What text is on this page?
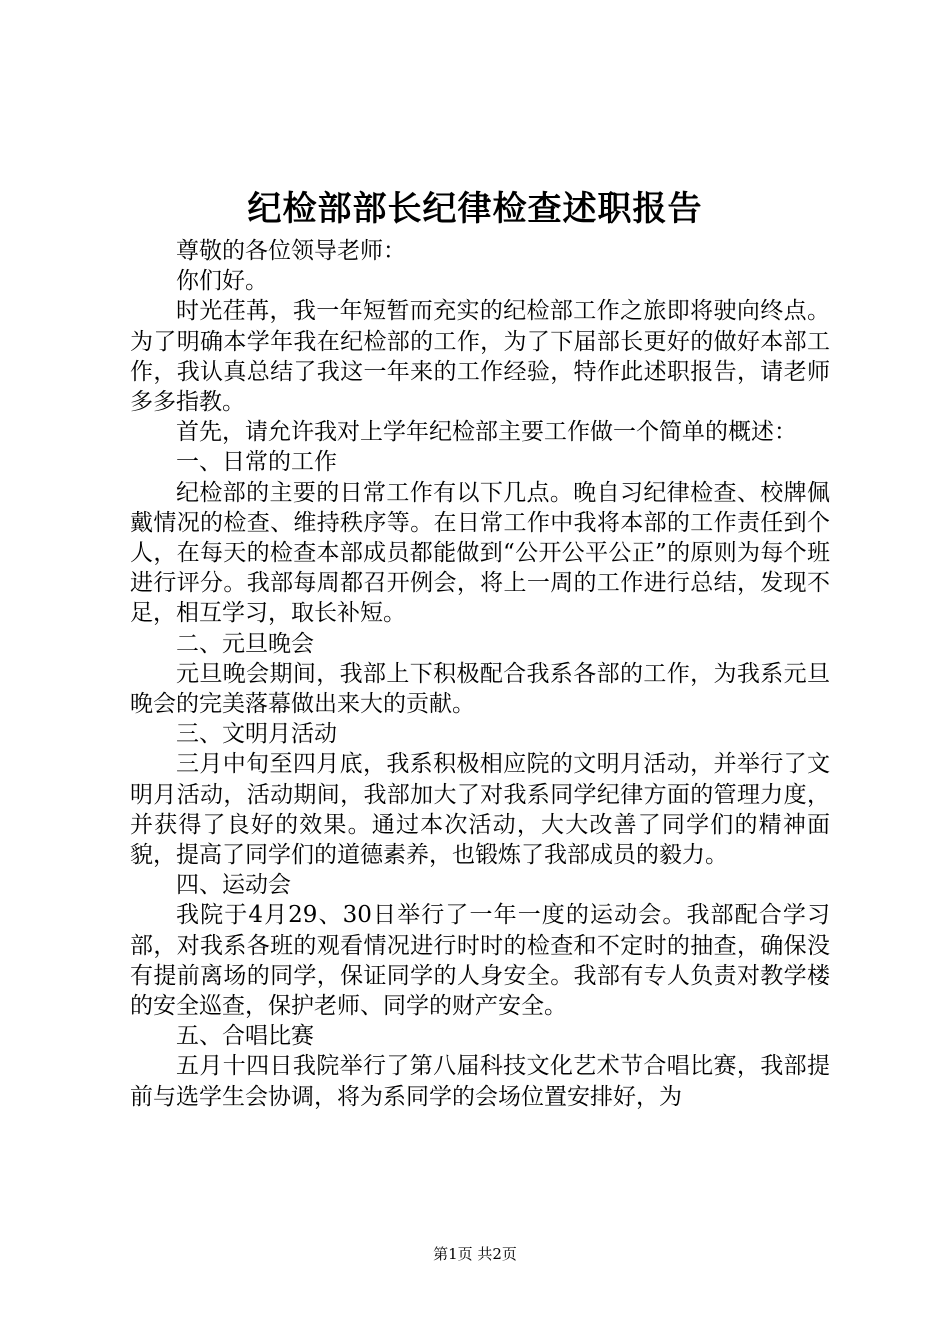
纪检部部长纪律检查述职报告

尊敬的各位领导老师：

你们好。

时光荏苒，我一年短暂而充实的纪检部工作之旅即将驶向终点。为了明确本学年我在纪检部的工作，为了下届部长更好的做好本部工作，我认真总结了我这一年来的工作经验，特作此述职报告，请老师多多指教。

首先，请允许我对上学年纪检部主要工作做一个简单的概述：

一、日常的工作

纪检部的主要的日常工作有以下几点。晚自习纪律检查、校牌佩戴情况的检查、维持秩序等。在日常工作中我将本部的工作责任到个人，在每天的检查本部成员都能做到“公开公平公正”的原则为每个班进行评分。我部每周都召开例会，将上一周的工作进行总结，发现不足，相互学习，取长补短。

二、元旦晚会

元旦晚会期间，我部上下积极配合我系各部的工作，为我系元旦晚会的完美落幕做出来大的贡献。

三、文明月活动

三月中旬至四月底，我系积极相应院的文明月活动，并举行了文明月活动，活动期间，我部加大了对我系同学纪律方面的管理力度，并获得了良好的效果。通过本次活动，大大改善了同学们的精神面貌，提高了同学们的道德素养，也锻炼了我部成员的毅力。

四、运动会

我院于4月29、30日举行了一年一度的运动会。我部配合学习部，对我系各班的观看情况进行时时的检查和不定时的抽查，确保没有提前离场的同学，保证同学的人身安全。我部有专人负责对教学楼的安全巡查，保护老师、同学的财产安全。

五、合唱比赛

五月十四日我院举行了第八届科技文化艺术节合唱比赛，我部提前与选学生会协调，将为系同学的会场位置安排好，为

第1页 共2页
